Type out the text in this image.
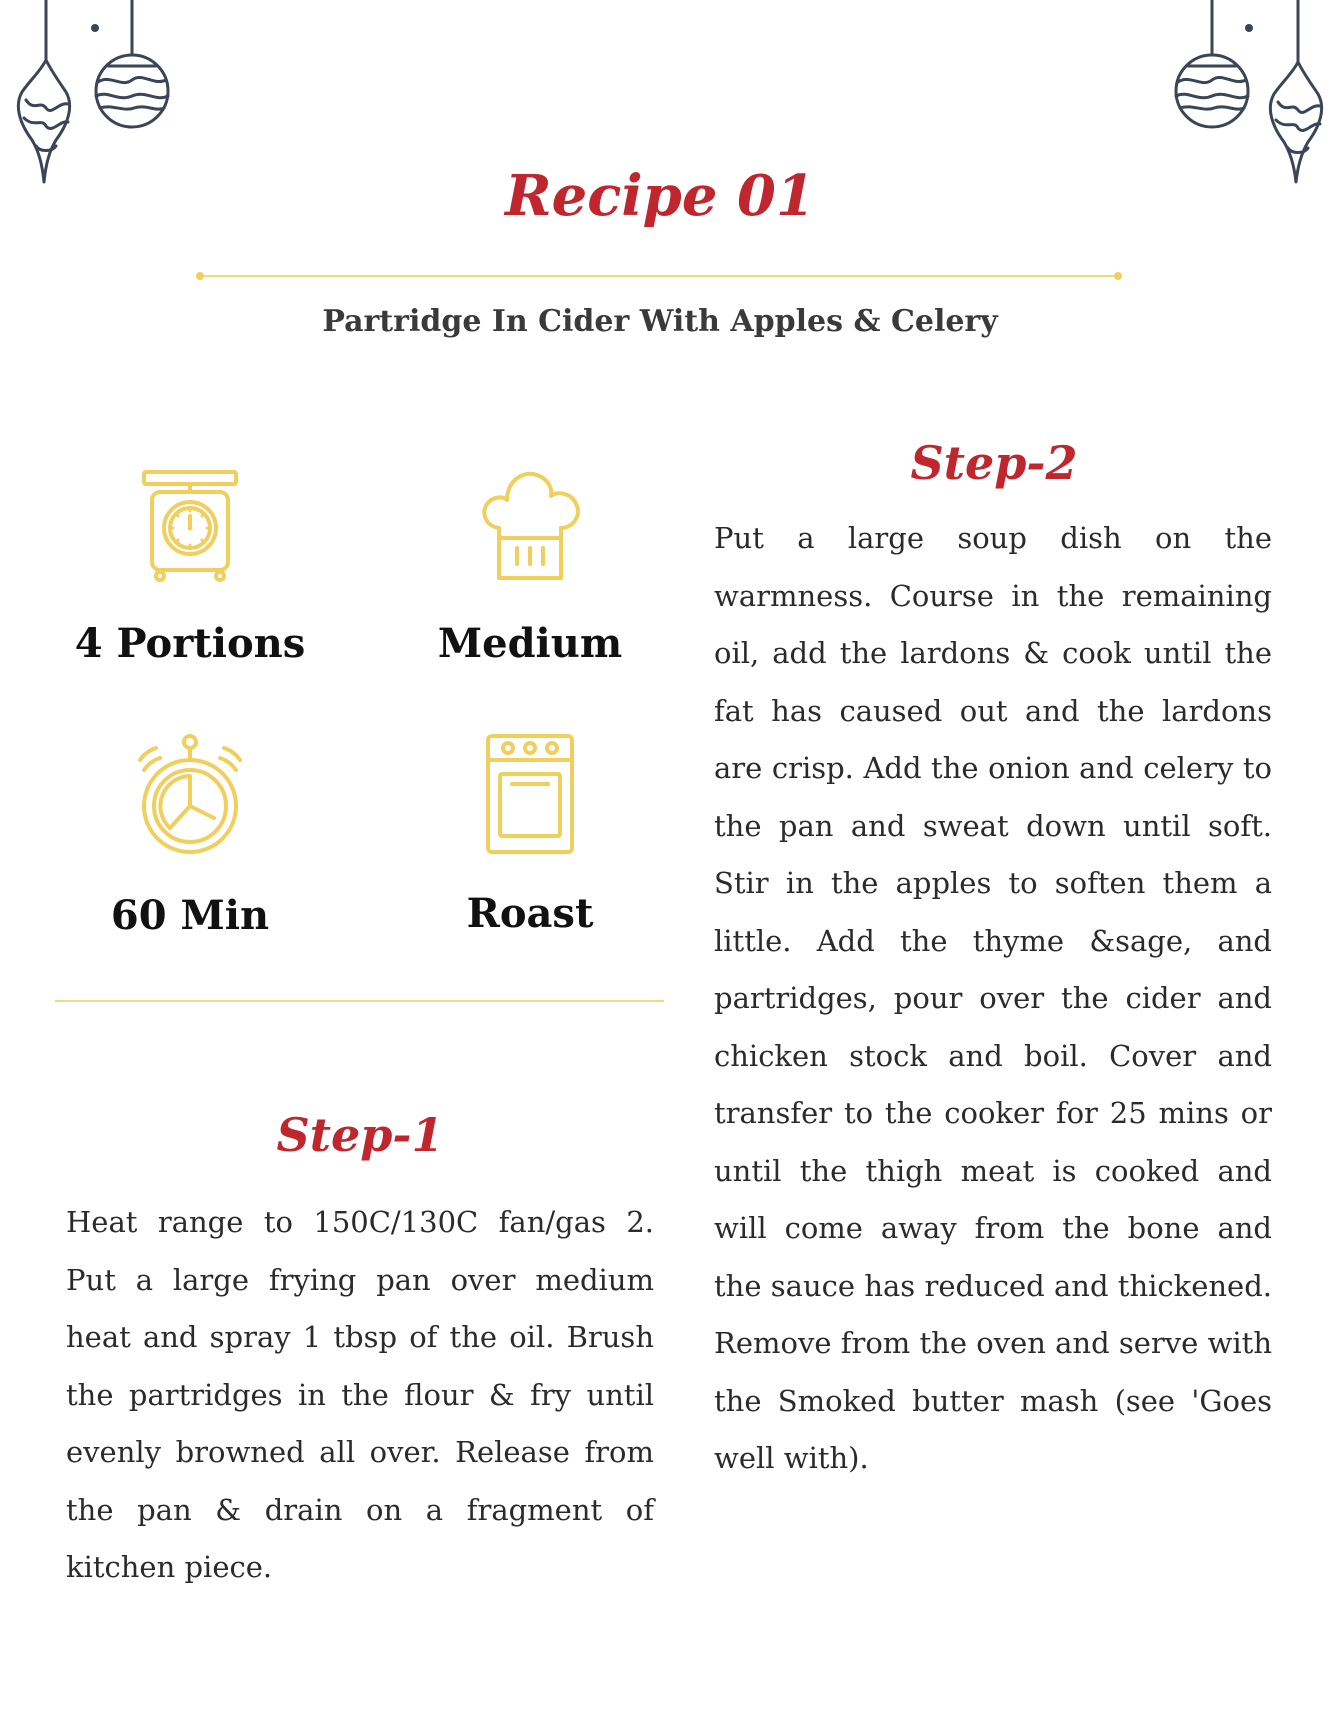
Recipe 01
Partridge In Cider With Apples & Celery
4 Portions	Medium
60 Min	Roast
Step-1

Heat range to 150C/130C fan/gas 2. Put a large frying pan over medium heat and spray 1 tbsp of the oil. Brush the partridges in the flour & fry until evenly browned all over. Release from the pan & drain on a fragment of kitchen piece.

Step-2

Put a large soup dish on the warmness. Course in the remaining oil, add the lardons & cook until the fat has caused out and the lardons are crisp. Add the onion and celery to the pan and sweat down until soft. Stir in the apples to soften them a little. Add the thyme &sage, and partridges, pour over the cider and chicken stock and boil. Cover and transfer to the cooker for 25 mins or until the thigh meat is cooked and will come away from the bone and the sauce has reduced and thickened. Remove from the oven and serve with the Smoked butter mash (see 'Goes well with).
